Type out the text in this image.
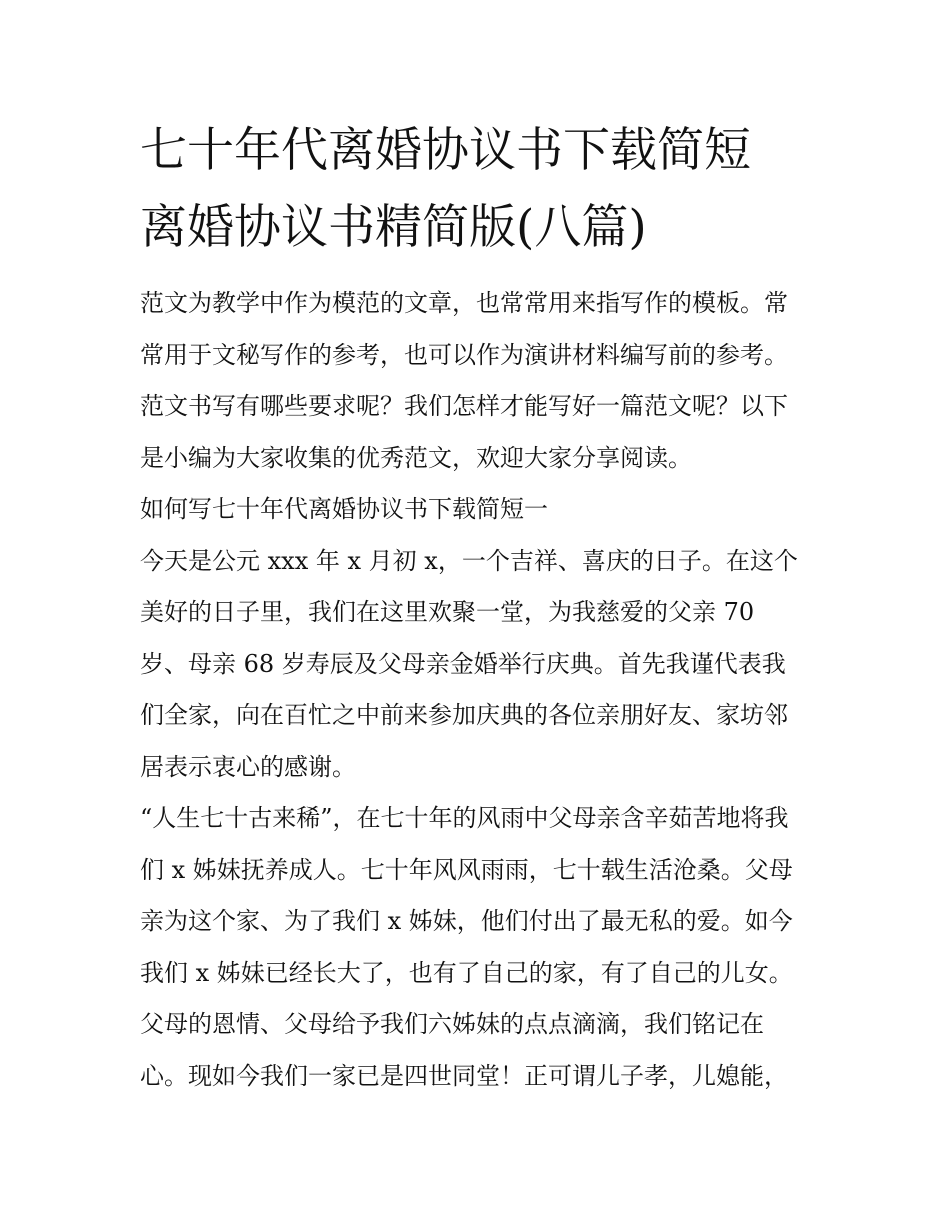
七十年代离婚协议书下载简短
离婚协议书精简版(八篇)
范文为教学中作为模范的文章，也常常用来指写作的模板。常
常用于文秘写作的参考，也可以作为演讲材料编写前的参考。
范文书写有哪些要求呢？我们怎样才能写好一篇范文呢？以下
是小编为大家收集的优秀范文，欢迎大家分享阅读。
如何写七十年代离婚协议书下载简短一
今天是公元 xxx 年 x 月初 x，一个吉祥、喜庆的日子。在这个
美好的日子里，我们在这里欢聚一堂，为我慈爱的父亲 70
岁、母亲 68 岁寿辰及父母亲金婚举行庆典。首先我谨代表我
们全家，向在百忙之中前来参加庆典的各位亲朋好友、家坊邻
居表示衷心的感谢。
“人生七十古来稀”，在七十年的风雨中父母亲含辛茹苦地将我
们 x 姊妹抚养成人。七十年风风雨雨，七十载生活沧桑。父母
亲为这个家、为了我们 x 姊妹，他们付出了最无私的爱。如今
我们 x 姊妹已经长大了，也有了自己的家，有了自己的儿女。
父母的恩情、父母给予我们六姊妹的点点滴滴，我们铭记在
心。现如今我们一家已是四世同堂！正可谓儿子孝，儿媳能，
